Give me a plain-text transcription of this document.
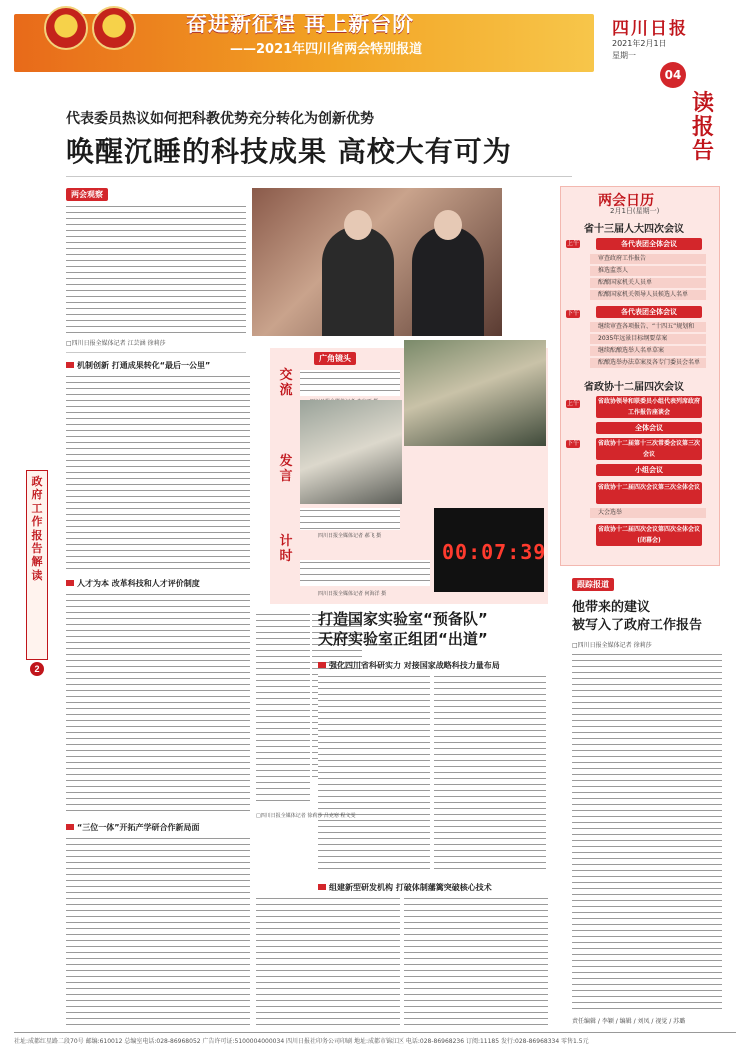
奋进新征程 再上新台阶
——2021年四川省两会特别报道
四川日报
2021年2月1日
星期一
04
读报告
政府工作报告解读
2
代表委员热议如何把科教优势充分转化为创新优势
唤醒沉睡的科技成果 高校大有可为
两会观察
□四川日报全媒体记者 江芸涵 徐莉莎
机制创新 打通成果转化“最后一公里”
人才为本 改革科技和人才评价制度
“三位一体”开拓产学研合作新局面
广角镜头
交流
发言
四川日报全媒体记者 郝飞 摄
计时
四川日报全媒体记者 何海洋 摄
00:07:39
打造国家实验室“预备队”
天府实验室正组团“出道”
强化四川省科研实力 对接国家战略科技力量布局
□四川日报全媒体记者 徐莉莎 吕克寒 程文雯
组建新型研发机构 打破体制藩篱突破核心技术
两会日历
2月1日(星期一)
省十三届人大四次会议
上午	各代表团全体会议
审查政府工作报告
推选监票人
酝酿国家机关人员单
酝酿国家机关领导人员候选人名单
下午	各代表团全体会议
继续审查各项报告、“十四五”规划和
2035年远景目标纲要草案
继续酝酿选举人名单草案
酝酿选举办法草案及各专门委员会名单
省政协十二届四次会议
上午	省政协领导和联委员小组代表列席政府工作报告座谈会
全体会议
下午	省政协十二届第十三次常委会议第三次会议
小组会议
省政协十二届四次会议第三次全体会议
大会选举
省政协十二届四次会议第四次全体会议(闭幕会)
跟踪报道
他带来的建议
被写入了政府工作报告
□四川日报全媒体记者 徐莉莎
责任编辑 / 李颖 / 编辑 / 刘凤 / 视觉 / 苏璐
社址:成都红星路二段70号 邮编:610012 总编室电话:028-86968052 广告许可证:5100004000034 四川日报社印务公司印刷 地址:成都市锦江区 电话:028-86968236 订阅:11185 发行:028-86968334 零售1.5元
